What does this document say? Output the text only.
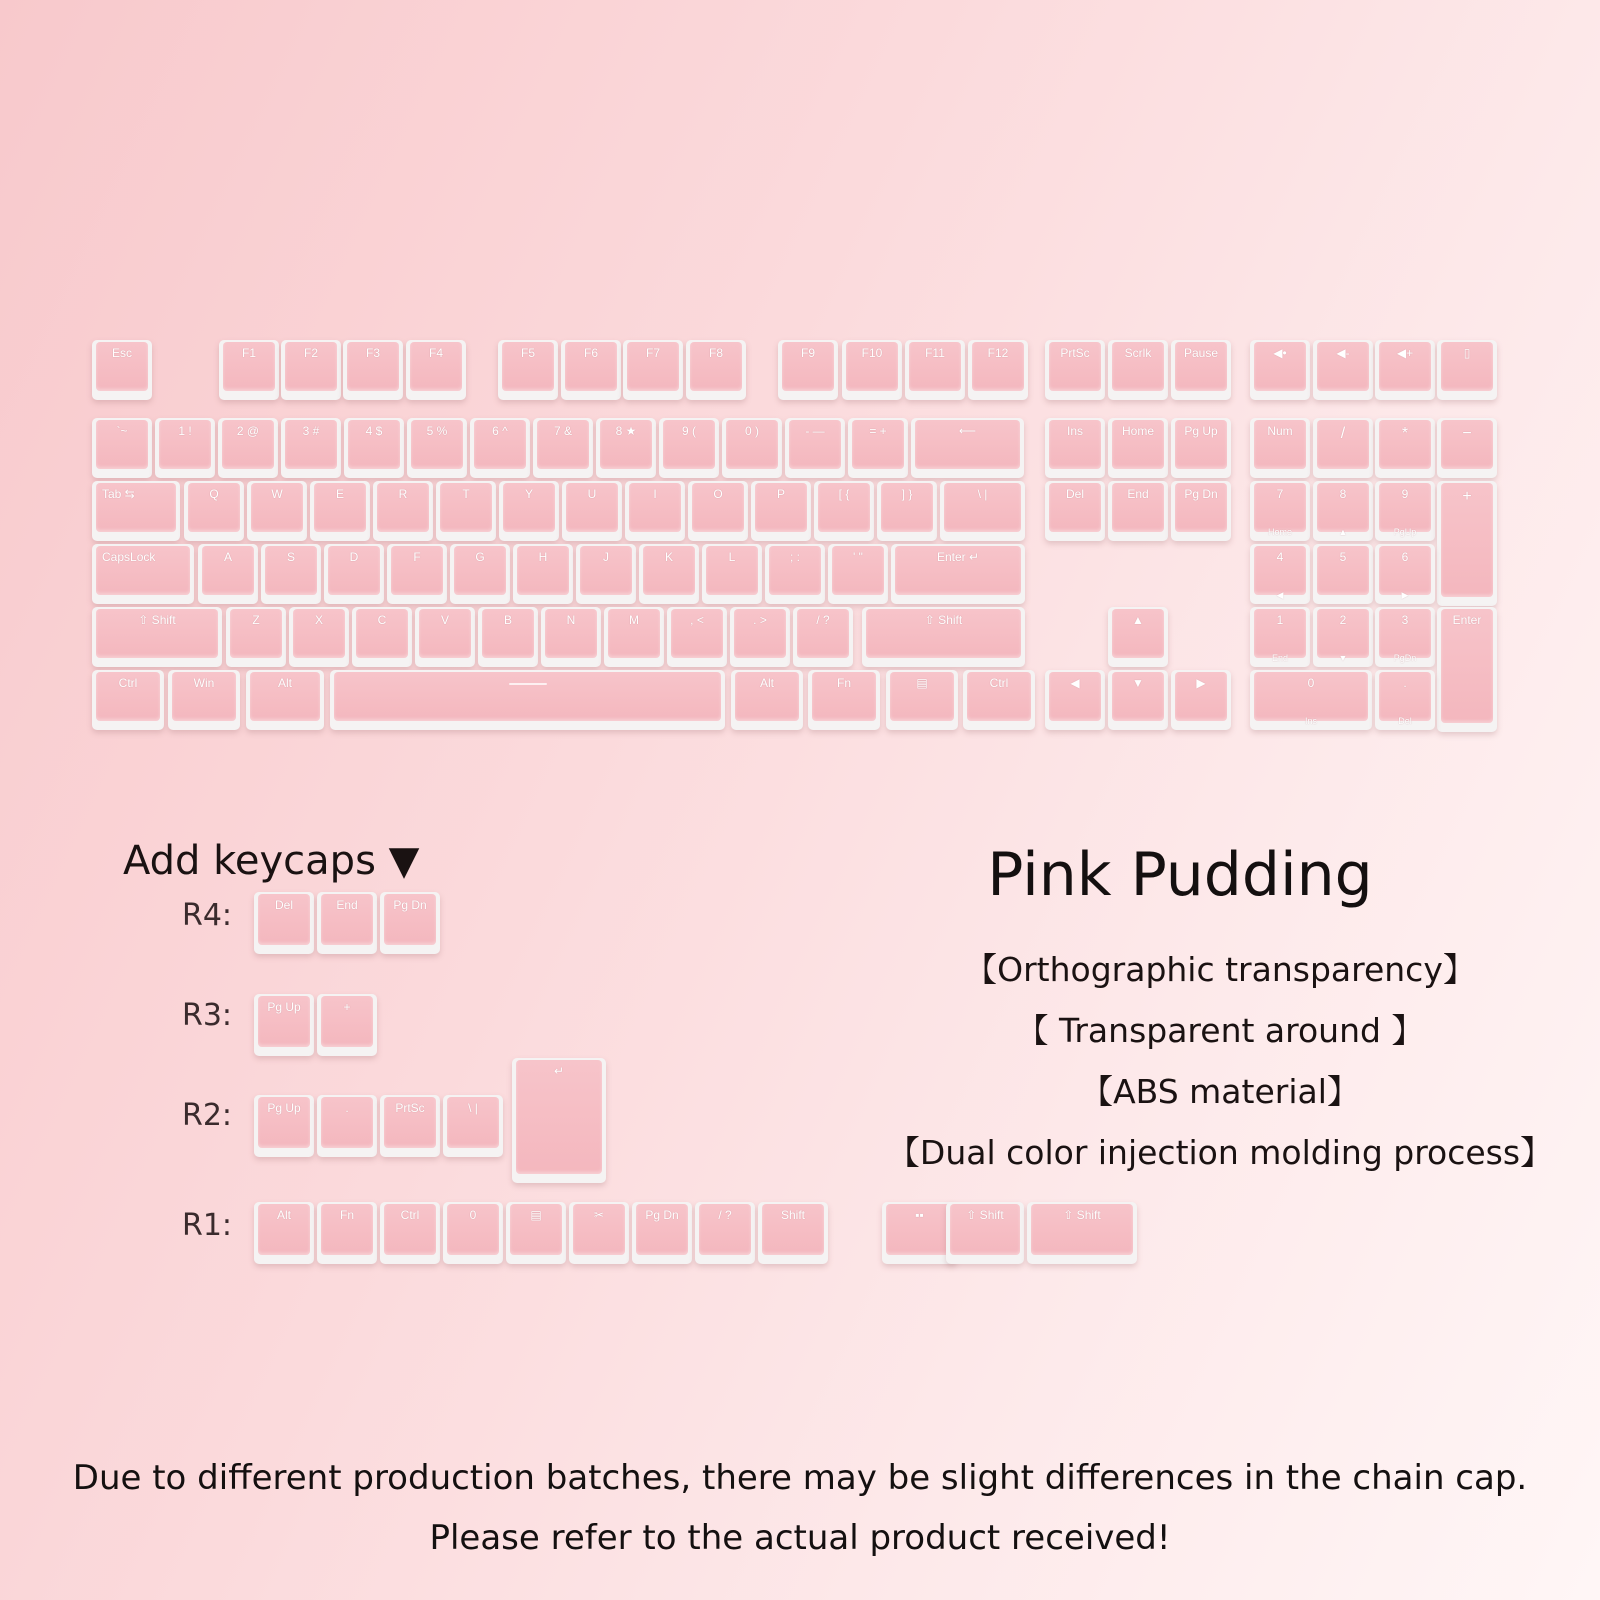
Esc	F1	F2	F3	F4	F5	F6	F7	F8	F9	F10	F11	F12	PrtSc	Scrlk	Pause	◀•	◀-	◀+	▯
`~	1 !	2 @	3 #	4 $	5 %	6 ^	7 &	8 ★	9 (	0 )	- —	= +	⟵	Ins	Home	Pg Up	Num	/	*	−
Tab ⇆	Q	W	E	R	T	Y	U	I	O	P	[ {	] }	\ |	Del	End	Pg Dn	7
Home
8
▲
9
PgUp
+
CapsLock	A	S	D	F	G	H	J	K	L	; :	' "	Enter ↵	4
◀
5	6
▶
⇧ Shift	Z	X	C	V	B	N	M	, <	. >	/ ?	⇧ Shift	▲	1
End
2
▼
3
PgDn
Enter
Ctrl	Win	Alt	Alt	Fn	▤	Ctrl	◀	▼	▶	0
Ins
.
Del
Add keycaps ▼
R4:
R3:
R2:
R1:
Del	End	Pg Dn
Pg Up	+
Pg Up	.	PrtSc	\ |
↵
Alt	Fn	Ctrl	0	▤	✂	Pg Dn	/ ?	Shift	▪▪	⇧ Shift	⇧ Shift
Pink Pudding
【Orthographic transparency】
【 Transparent around 】
【ABS material】
【Dual color injection molding process】
Due to different production batches, there may be slight differences in the chain cap.
Please refer to the actual product received!
